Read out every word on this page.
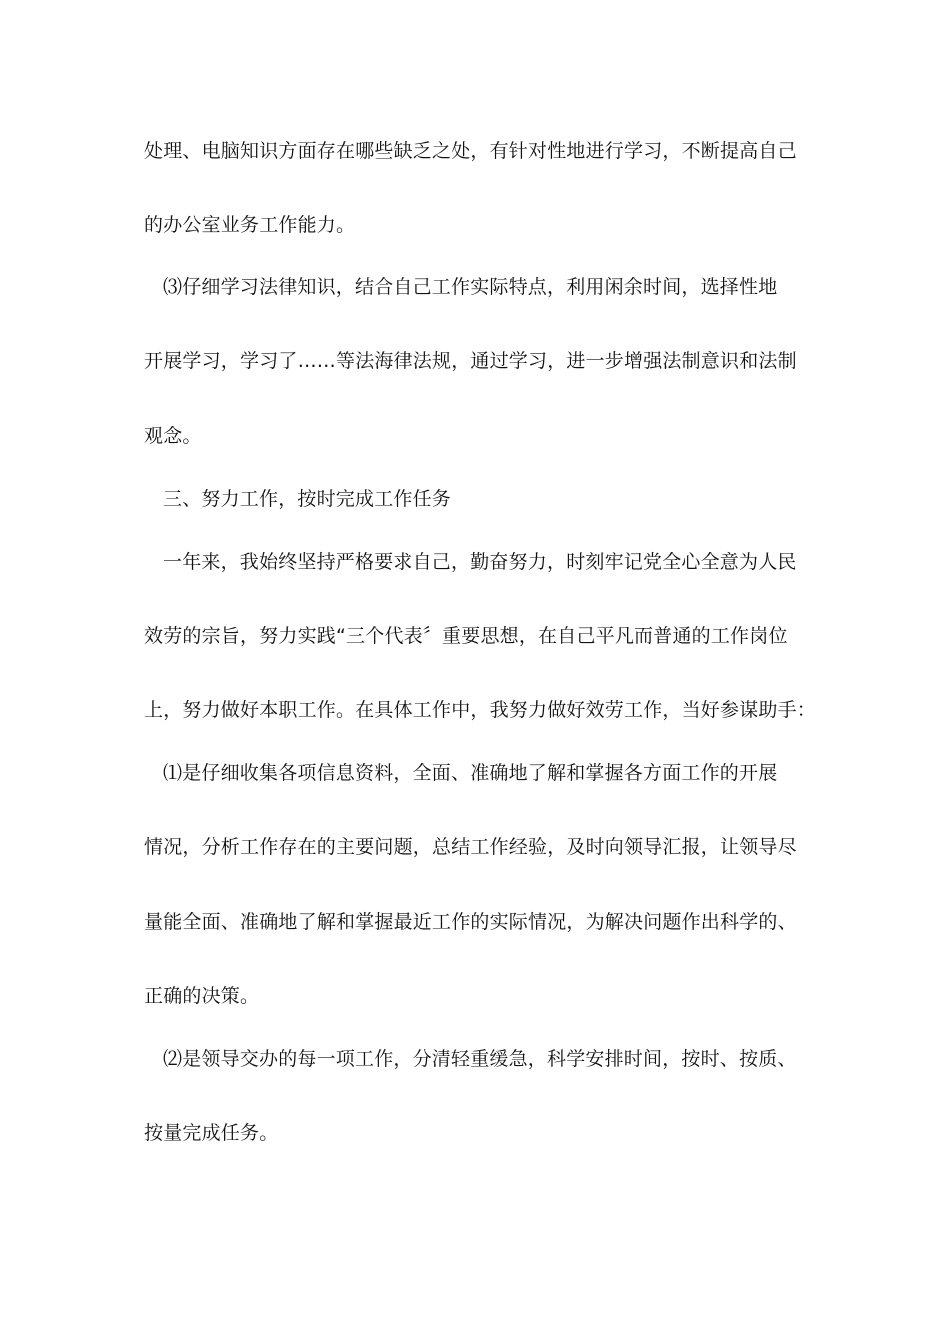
处理、电脑知识方面存在哪些缺乏之处，有针对性地进行学习，不断提高自己
的办公室业务工作能力。
⑶仔细学习法律知识，结合自己工作实际特点，利用闲余时间，选择性地
开展学习，学习了……等法海律法规，通过学习，进一步增强法制意识和法制
观念。
三、努力工作，按时完成工作任务
一年来，我始终坚持严格要求自己，勤奋努力，时刻牢记党全心全意为人民
效劳的宗旨，努力实践“三个代表〞重要思想，在自己平凡而普通的工作岗位
上，努力做好本职工作。在具体工作中，我努力做好效劳工作，当好参谋助手：
⑴是仔细收集各项信息资料，全面、准确地了解和掌握各方面工作的开展
情况，分析工作存在的主要问题，总结工作经验，及时向领导汇报，让领导尽
量能全面、准确地了解和掌握最近工作的实际情况，为解决问题作出科学的、
正确的决策。
⑵是领导交办的每一项工作，分清轻重缓急，科学安排时间，按时、按质、
按量完成任务。
